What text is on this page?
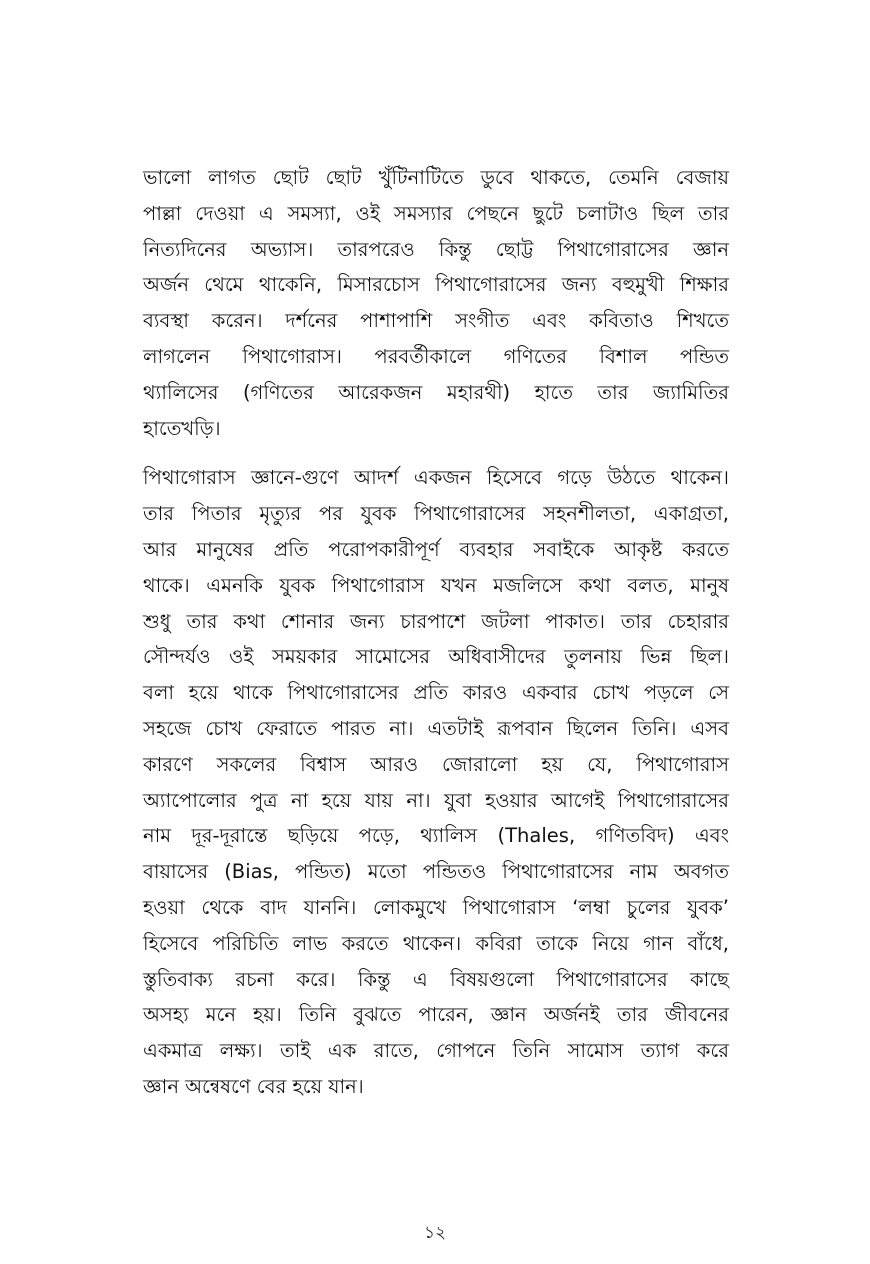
ভালো লাগত ছোট ছোট খুঁটিনাটিতে ডুবে থাকতে, তেমনি বেজায়
পাল্লা দেওয়া এ সমস্যা, ওই সমস্যার পেছনে ছুটে চলাটাও ছিল তার
নিত্যদিনের অভ্যাস। তারপরেও কিন্তু ছোট্ট পিথাগোরাসের জ্ঞান
অর্জন থেমে থাকেনি, মিসারচোস পিথাগোরাসের জন্য বহুমুখী শিক্ষার
ব্যবস্থা করেন। দর্শনের পাশাপাশি সংগীত এবং কবিতাও শিখতে
লাগলেন পিথাগোরাস। পরবর্তীকালে গণিতের বিশাল পন্ডিত
থ্যালিসের (গণিতের আরেকজন মহারথী) হাতে তার জ্যামিতির
হাতেখড়ি।
পিথাগোরাস জ্ঞানে-গুণে আদর্শ একজন হিসেবে গড়ে উঠতে থাকেন।
তার পিতার মৃত্যুর পর যুবক পিথাগোরাসের সহনশীলতা, একাগ্রতা,
আর মানুষের প্রতি পরোপকারীপূর্ণ ব্যবহার সবাইকে আকৃষ্ট করতে
থাকে। এমনকি যুবক পিথাগোরাস যখন মজলিসে কথা বলত, মানুষ
শুধু তার কথা শোনার জন্য চারপাশে জটলা পাকাত। তার চেহারার
সৌন্দর্যও ওই সময়কার সামোসের অধিবাসীদের তুলনায় ভিন্ন ছিল।
বলা হয়ে থাকে পিথাগোরাসের প্রতি কারও একবার চোখ পড়লে সে
সহজে চোখ ফেরাতে পারত না। এতটাই রূপবান ছিলেন তিনি। এসব
কারণে সকলের বিশ্বাস আরও জোরালো হয় যে, পিথাগোরাস
অ্যাপোলোর পুত্র না হয়ে যায় না। যুবা হওয়ার আগেই পিথাগোরাসের
নাম দূর-দূরান্তে ছড়িয়ে পড়ে, থ্যালিস (Thales, গণিতবিদ) এবং
বায়াসের (Bias, পন্ডিত) মতো পন্ডিতও পিথাগোরাসের নাম অবগত
হওয়া থেকে বাদ যাননি। লোকমুখে পিথাগোরাস ‘লম্বা চুলের যুবক’
হিসেবে পরিচিতি লাভ করতে থাকেন। কবিরা তাকে নিয়ে গান বাঁধে,
স্তুতিবাক্য রচনা করে। কিন্তু এ বিষয়গুলো পিথাগোরাসের কাছে
অসহ্য মনে হয়। তিনি বুঝতে পারেন, জ্ঞান অর্জনই তার জীবনের
একমাত্র লক্ষ্য। তাই এক রাতে, গোপনে তিনি সামোস ত্যাগ করে
জ্ঞান অন্বেষণে বের হয়ে যান।
১২
